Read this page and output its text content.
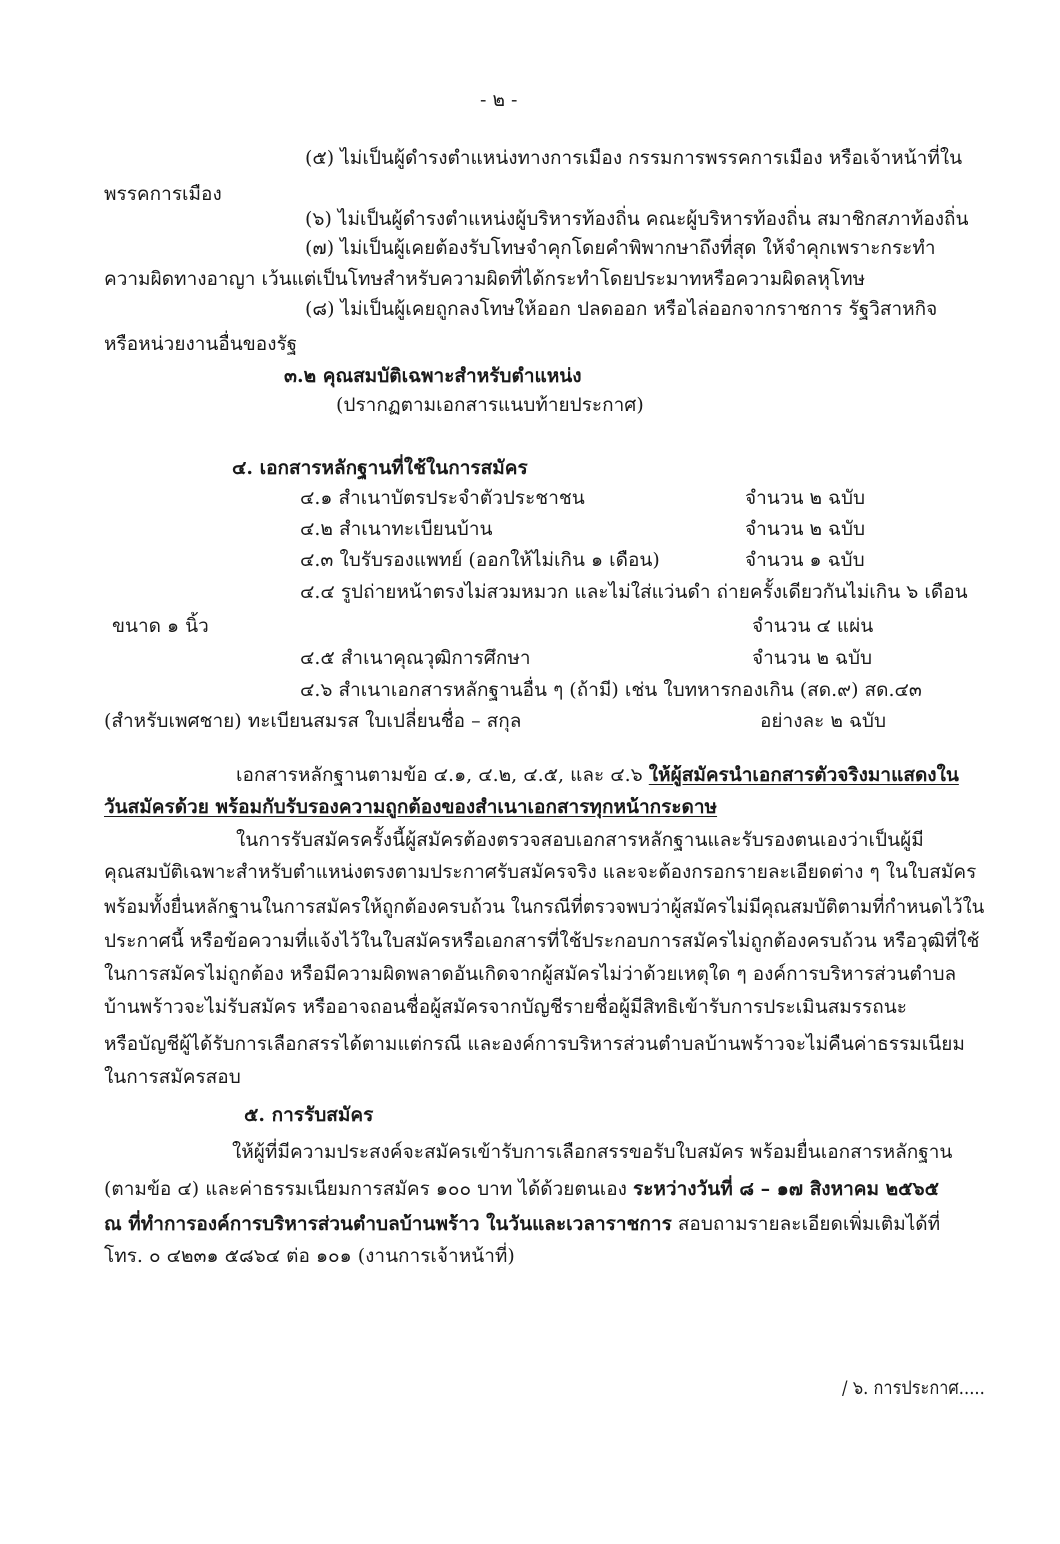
- ๒ -
(๕) ไม่เป็นผู้ดำรงตำแหน่งทางการเมือง กรรมการพรรคการเมือง หรือเจ้าหน้าที่ใน
พรรคการเมือง
(๖) ไม่เป็นผู้ดำรงตำแหน่งผู้บริหารท้องถิ่น คณะผู้บริหารท้องถิ่น สมาชิกสภาท้องถิ่น
(๗) ไม่เป็นผู้เคยต้องรับโทษจำคุกโดยคำพิพากษาถึงที่สุด ให้จำคุกเพราะกระทำ
ความผิดทางอาญา เว้นแต่เป็นโทษสำหรับความผิดที่ได้กระทำโดยประมาทหรือความผิดลหุโทษ
(๘) ไม่เป็นผู้เคยถูกลงโทษให้ออก ปลดออก หรือไล่ออกจากราชการ รัฐวิสาหกิจ
หรือหน่วยงานอื่นของรัฐ
๓.๒ คุณสมบัติเฉพาะสำหรับตำแหน่ง
(ปรากฏตามเอกสารแนบท้ายประกาศ)
๔. เอกสารหลักฐานที่ใช้ในการสมัคร
๔.๑ สำเนาบัตรประจำตัวประชาชน	จำนวน ๒ ฉบับ
๔.๒ สำเนาทะเบียนบ้าน	จำนวน ๒ ฉบับ
๔.๓ ใบรับรองแพทย์ (ออกให้ไม่เกิน ๑ เดือน)	จำนวน ๑ ฉบับ
๔.๔ รูปถ่ายหน้าตรงไม่สวมหมวก และไม่ใส่แว่นดำ ถ่ายครั้งเดียวกันไม่เกิน ๖ เดือน
ขนาด ๑ นิ้ว	จำนวน ๔ แผ่น
๔.๕ สำเนาคุณวุฒิการศึกษา	จำนวน ๒ ฉบับ
๔.๖ สำเนาเอกสารหลักฐานอื่น ๆ (ถ้ามี) เช่น ใบทหารกองเกิน (สด.๙) สด.๔๓
(สำหรับเพศชาย) ทะเบียนสมรส ใบเปลี่ยนชื่อ – สกุล	อย่างละ ๒ ฉบับ
เอกสารหลักฐานตามข้อ ๔.๑, ๔.๒, ๔.๕, และ ๔.๖ ให้ผู้สมัครนำเอกสารตัวจริงมาแสดงใน
วันสมัครด้วย พร้อมกับรับรองความถูกต้องของสำเนาเอกสารทุกหน้ากระดาษ
ในการรับสมัครครั้งนี้ผู้สมัครต้องตรวจสอบเอกสารหลักฐานและรับรองตนเองว่าเป็นผู้มี
คุณสมบัติเฉพาะสำหรับตำแหน่งตรงตามประกาศรับสมัครจริง และจะต้องกรอกรายละเอียดต่าง ๆ ในใบสมัคร
พร้อมทั้งยื่นหลักฐานในการสมัครให้ถูกต้องครบถ้วน ในกรณีที่ตรวจพบว่าผู้สมัครไม่มีคุณสมบัติตามที่กำหนดไว้ใน
ประกาศนี้ หรือข้อความที่แจ้งไว้ในใบสมัครหรือเอกสารที่ใช้ประกอบการสมัครไม่ถูกต้องครบถ้วน หรือวุฒิที่ใช้
ในการสมัครไม่ถูกต้อง หรือมีความผิดพลาดอันเกิดจากผู้สมัครไม่ว่าด้วยเหตุใด ๆ องค์การบริหารส่วนตำบล
บ้านพร้าวจะไม่รับสมัคร หรืออาจถอนชื่อผู้สมัครจากบัญชีรายชื่อผู้มีสิทธิเข้ารับการประเมินสมรรถนะ
หรือบัญชีผู้ได้รับการเลือกสรรได้ตามแต่กรณี และองค์การบริหารส่วนตำบลบ้านพร้าวจะไม่คืนค่าธรรมเนียม
ในการสมัครสอบ
๕. การรับสมัคร
ให้ผู้ที่มีความประสงค์จะสมัครเข้ารับการเลือกสรรขอรับใบสมัคร พร้อมยื่นเอกสารหลักฐาน
(ตามข้อ ๔) และค่าธรรมเนียมการสมัคร ๑๐๐ บาท ได้ด้วยตนเอง ระหว่างวันที่ ๘ – ๑๗ สิงหาคม ๒๕๖๕
ณ ที่ทำการองค์การบริหารส่วนตำบลบ้านพร้าว ในวันและเวลาราชการ สอบถามรายละเอียดเพิ่มเติมได้ที่
โทร. ๐ ๔๒๓๑ ๕๘๖๔ ต่อ ๑๐๑ (งานการเจ้าหน้าที่)
/ ๖. การประกาศ.....
